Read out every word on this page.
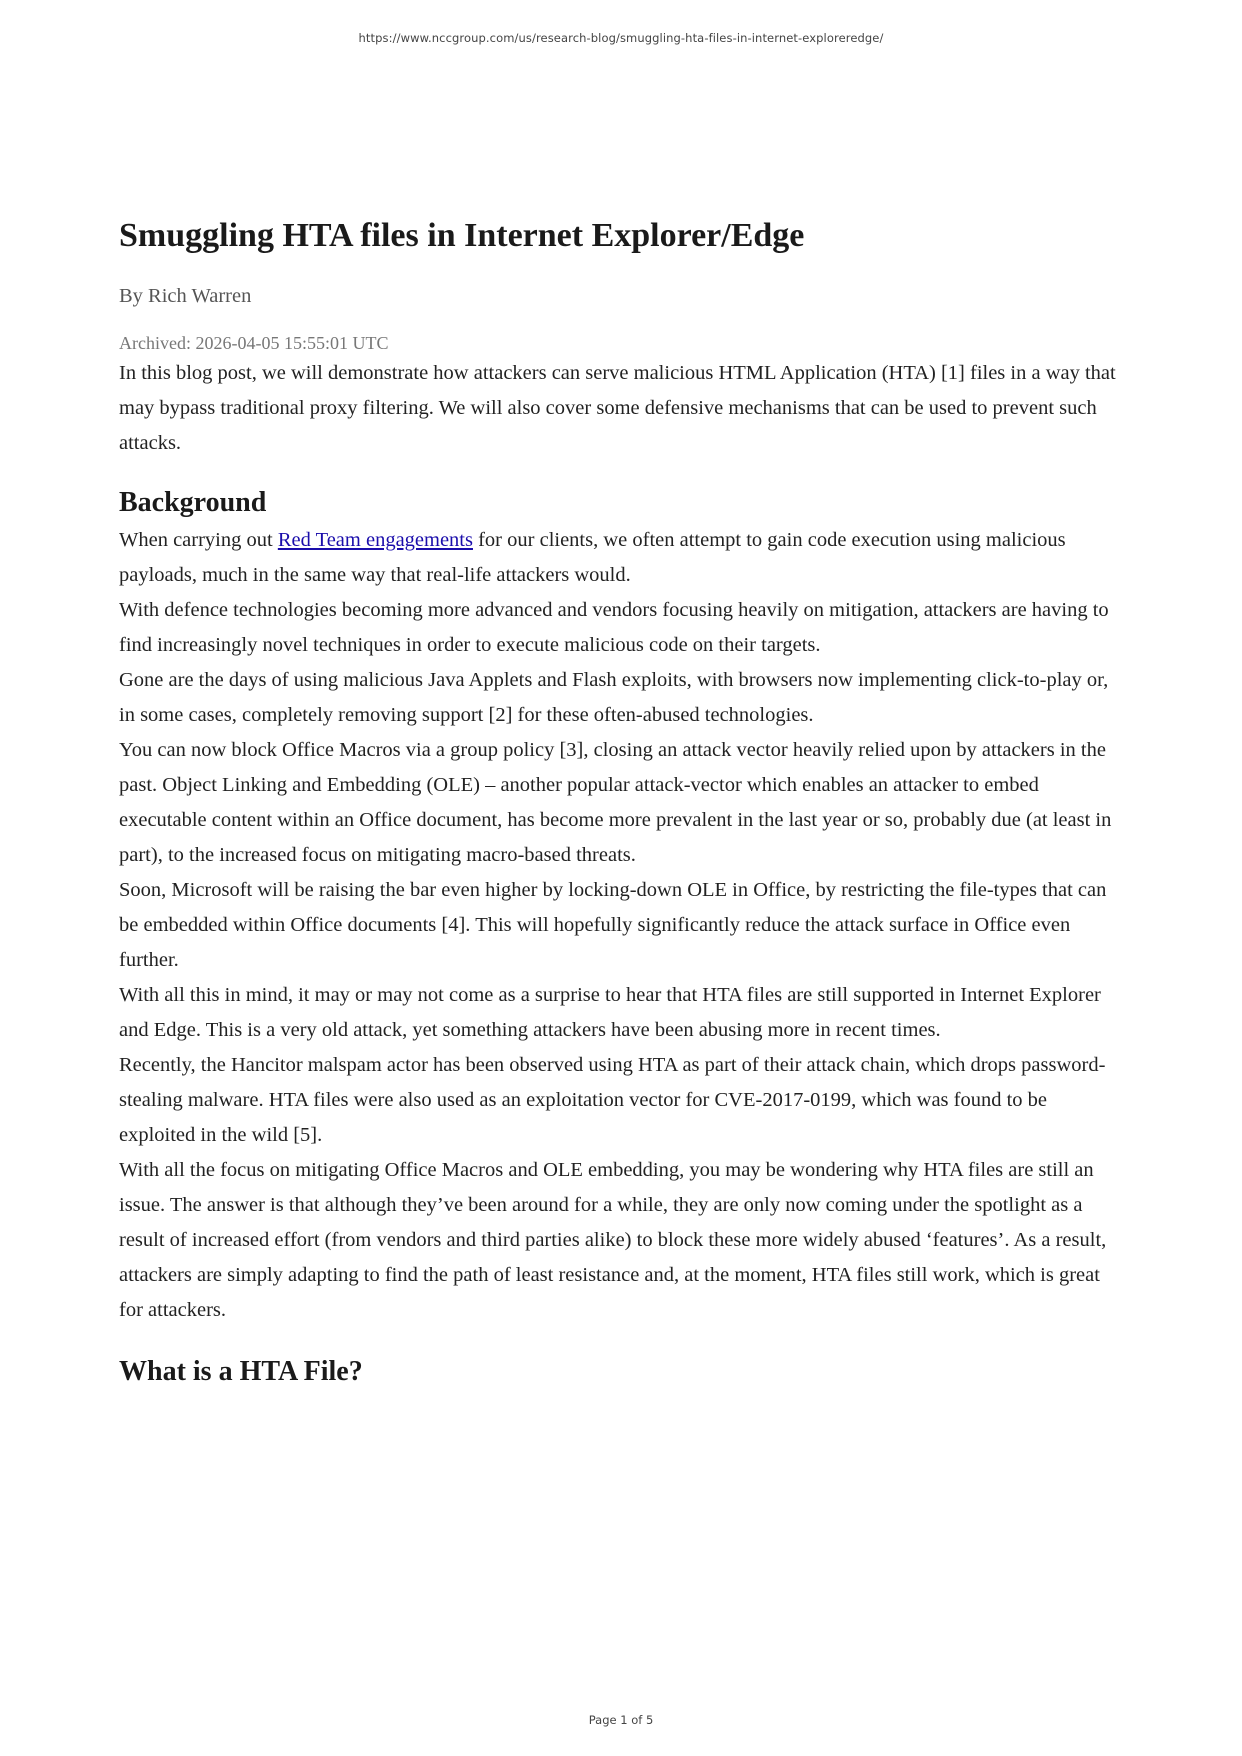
https://www.nccgroup.com/us/research-blog/smuggling-hta-files-in-internet-exploreredge/
Smuggling HTA files in Internet Explorer/Edge
By Rich Warren
Archived: 2026-04-05 15:55:01 UTC

In this blog post, we will demonstrate how attackers can serve malicious HTML Application (HTA) [1] files in a way that may bypass traditional proxy filtering. We will also cover some defensive mechanisms that can be used to prevent such attacks.

Background

When carrying out Red Team engagements for our clients, we often attempt to gain code execution using malicious payloads, much in the same way that real-life attackers would.

With defence technologies becoming more advanced and vendors focusing heavily on mitigation, attackers are having to find increasingly novel techniques in order to execute malicious code on their targets.

Gone are the days of using malicious Java Applets and Flash exploits, with browsers now implementing click-to-play or, in some cases, completely removing support [2] for these often-abused technologies.

You can now block Office Macros via a group policy [3], closing an attack vector heavily relied upon by attackers in the past. Object Linking and Embedding (OLE) – another popular attack-vector which enables an attacker to embed executable content within an Office document, has become more prevalent in the last year or so, probably due (at least in part), to the increased focus on mitigating macro-based threats.

Soon, Microsoft will be raising the bar even higher by locking-down OLE in Office, by restricting the file-types that can be embedded within Office documents [4]. This will hopefully significantly reduce the attack surface in Office even further.

With all this in mind, it may or may not come as a surprise to hear that HTA files are still supported in Internet Explorer and Edge. This is a very old attack, yet something attackers have been abusing more in recent times.

Recently, the Hancitor malspam actor has been observed using HTA as part of their attack chain, which drops password-stealing malware. HTA files were also used as an exploitation vector for CVE-2017-0199, which was found to be exploited in the wild [5].

With all the focus on mitigating Office Macros and OLE embedding, you may be wondering why HTA files are still an issue. The answer is that although they’ve been around for a while, they are only now coming under the spotlight as a result of increased effort (from vendors and third parties alike) to block these more widely abused ‘features’. As a result, attackers are simply adapting to find the path of least resistance and, at the moment, HTA files still work, which is great for attackers.

What is a HTA File?
Page 1 of 5
